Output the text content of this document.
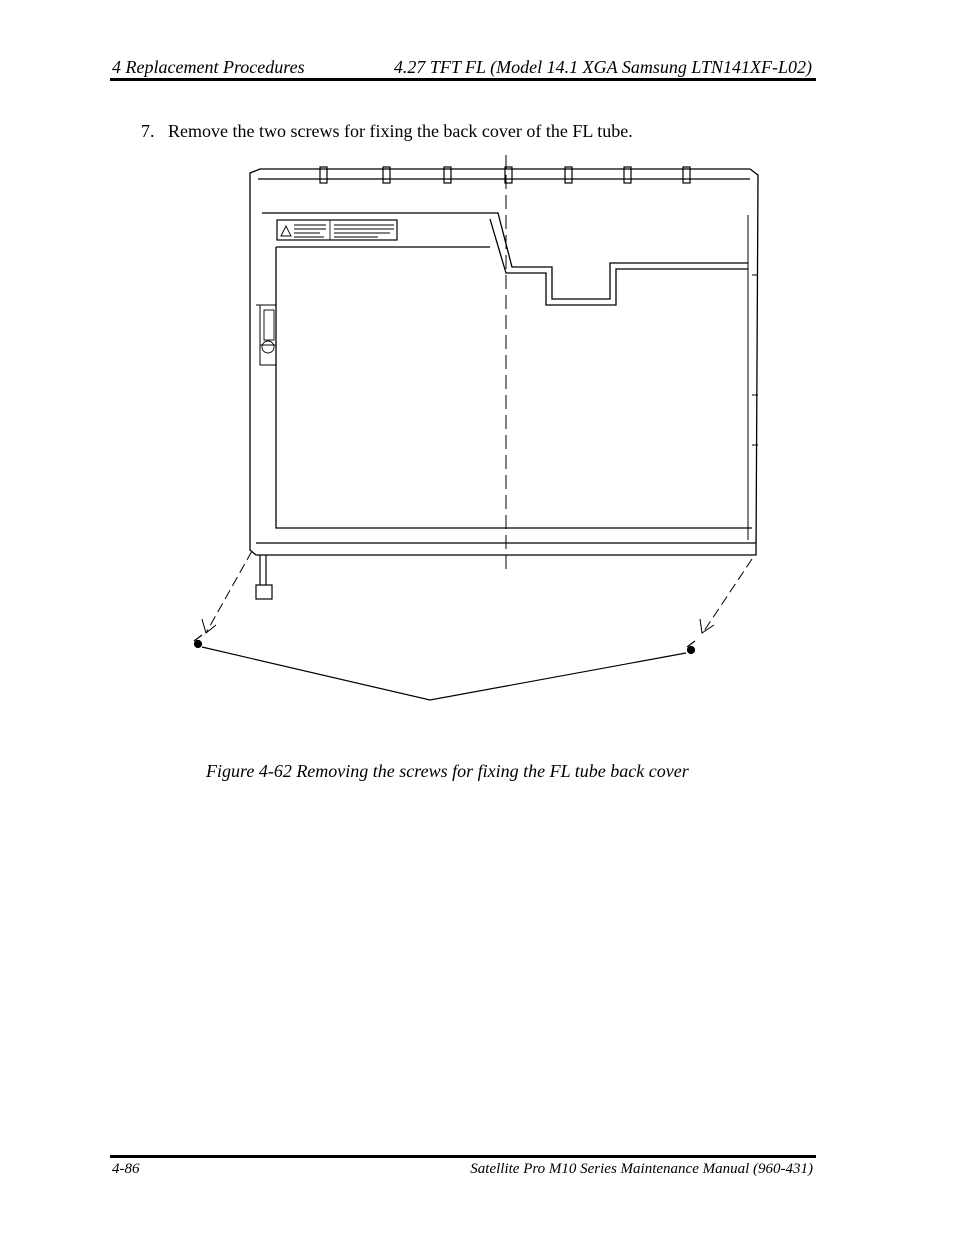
4 Replacement Procedures	4.27 TFT FL (Model 14.1 XGA Samsung LTN141XF-L02)
7. Remove the two screws for fixing the back cover of the FL tube.
Figure 4-62 Removing the screws for fixing the FL tube back cover
4-86	Satellite Pro M10 Series Maintenance Manual (960-431)
